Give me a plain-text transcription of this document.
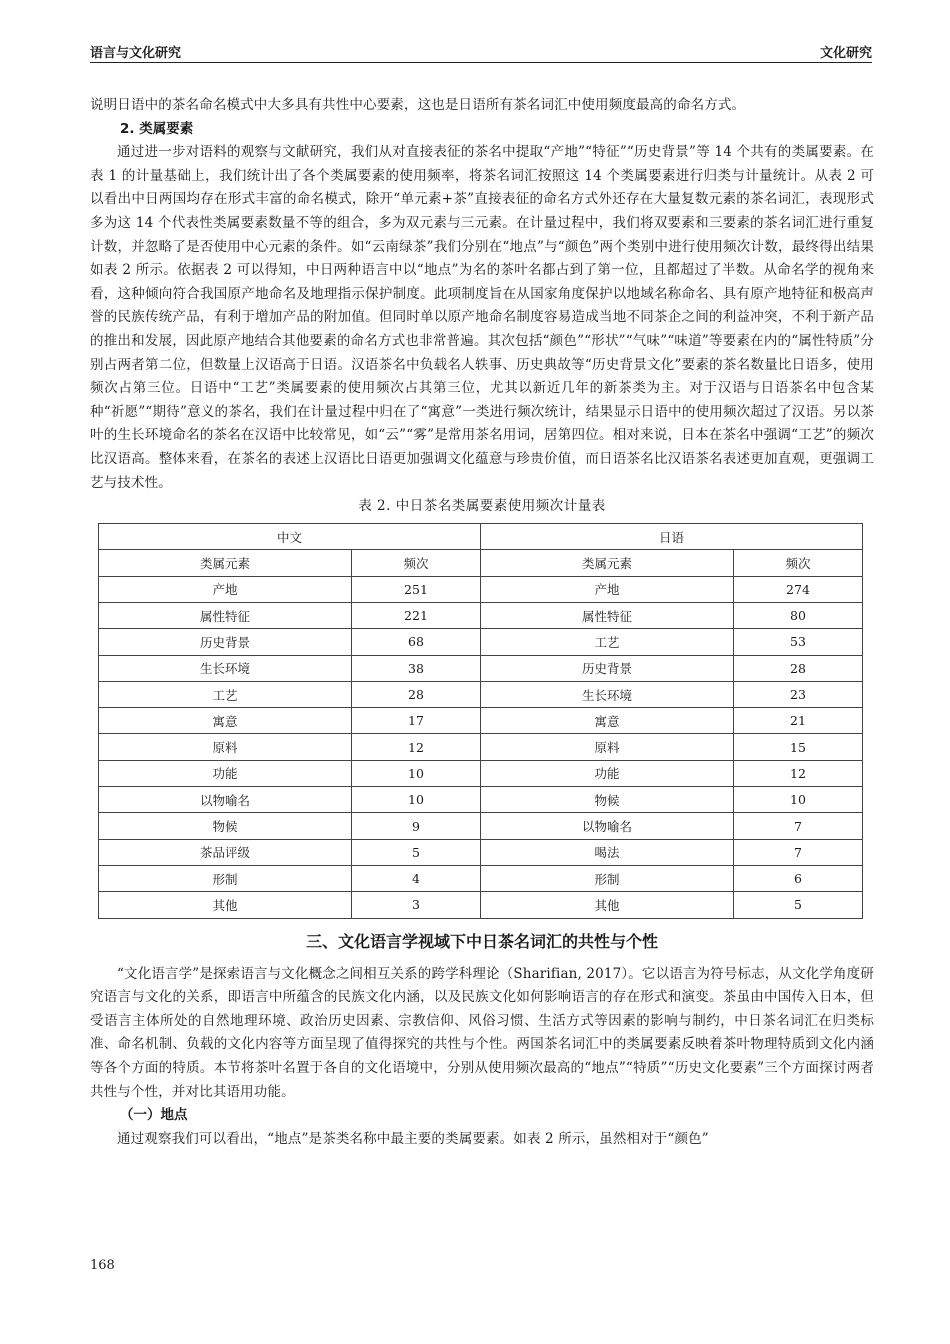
语言与文化研究	文化研究

说明日语中的茶名命名模式中大多具有共性中心要素，这也是日语所有茶名词汇中使用频度最高的命名方式。

2. 类属要素

通过进一步对语料的观察与文献研究，我们从对直接表征的茶名中提取“产地”“特征”“历史背景”等 14 个共有的类属要素。在表 1 的计量基础上，我们统计出了各个类属要素的使用频率，将茶名词汇按照这 14 个类属要素进行归类与计量统计。从表 2 可以看出中日两国均存在形式丰富的命名模式，除开“单元素+茶”直接表征的命名方式外还存在大量复数元素的茶名词汇，表现形式多为这 14 个代表性类属要素数量不等的组合，多为双元素与三元素。在计量过程中，我们将双要素和三要素的茶名词汇进行重复计数，并忽略了是否使用中心元素的条件。如“云南绿茶”我们分别在“地点”与“颜色”两个类别中进行使用频次计数，最终得出结果如表 2 所示。依据表 2 可以得知，中日两种语言中以“地点”为名的茶叶名都占到了第一位，且都超过了半数。从命名学的视角来看，这种倾向符合我国原产地命名及地理指示保护制度。此项制度旨在从国家角度保护以地域名称命名、具有原产地特征和极高声誉的民族传统产品，有利于增加产品的附加值。但同时单以原产地命名制度容易造成当地不同茶企之间的利益冲突，不利于新产品的推出和发展，因此原产地结合其他要素的命名方式也非常普遍。其次包括“颜色”“形状”“气味”“味道”等要素在内的“属性特质”分别占两者第二位，但数量上汉语高于日语。汉语茶名中负载名人轶事、历史典故等“历史背景文化”要素的茶名数量比日语多，使用频次占第三位。日语中“工艺”类属要素的使用频次占其第三位，尤其以新近几年的新茶类为主。对于汉语与日语茶名中包含某种“祈愿”“期待”意义的茶名，我们在计量过程中归在了“寓意”一类进行频次统计，结果显示日语中的使用频次超过了汉语。另以茶叶的生长环境命名的茶名在汉语中比较常见，如“云”“雾”是常用茶名用词，居第四位。相对来说，日本在茶名中强调“工艺”的频次比汉语高。整体来看，在茶名的表述上汉语比日语更加强调文化蕴意与珍贵价值，而日语茶名比汉语茶名表述更加直观，更强调工艺与技术性。

表 2. 中日茶名类属要素使用频次计量表
中文		日语	
类属元素	频次	类属元素	频次
产地	251	产地	274
属性特征	221	属性特征	80
历史背景	68	工艺	53
生长环境	38	历史背景	28
工艺	28	生长环境	23
寓意	17	寓意	21
原料	12	原料	15
功能	10	功能	12
以物喻名	10	物候	10
物候	9	以物喻名	7
茶品评级	5	喝法	7
形制	4	形制	6
其他	3	其他	5
三、文化语言学视域下中日茶名词汇的共性与个性

“文化语言学”是探索语言与文化概念之间相互关系的跨学科理论（Sharifian, 2017）。它以语言为符号标志，从文化学角度研究语言与文化的关系，即语言中所蕴含的民族文化内涵，以及民族文化如何影响语言的存在形式和演变。茶虽由中国传入日本，但受语言主体所处的自然地理环境、政治历史因素、宗教信仰、风俗习惯、生活方式等因素的影响与制约，中日茶名词汇在归类标准、命名机制、负载的文化内容等方面呈现了值得探究的共性与个性。两国茶名词汇中的类属要素反映着茶叶物理特质到文化内涵等各个方面的特质。本节将茶叶名置于各自的文化语境中，分别从使用频次最高的“地点”“特质”“历史文化要素”三个方面探讨两者共性与个性，并对比其语用功能。

（一）地点

通过观察我们可以看出，“地点”是茶类名称中最主要的类属要素。如表 2 所示，虽然相对于“颜色”

168
